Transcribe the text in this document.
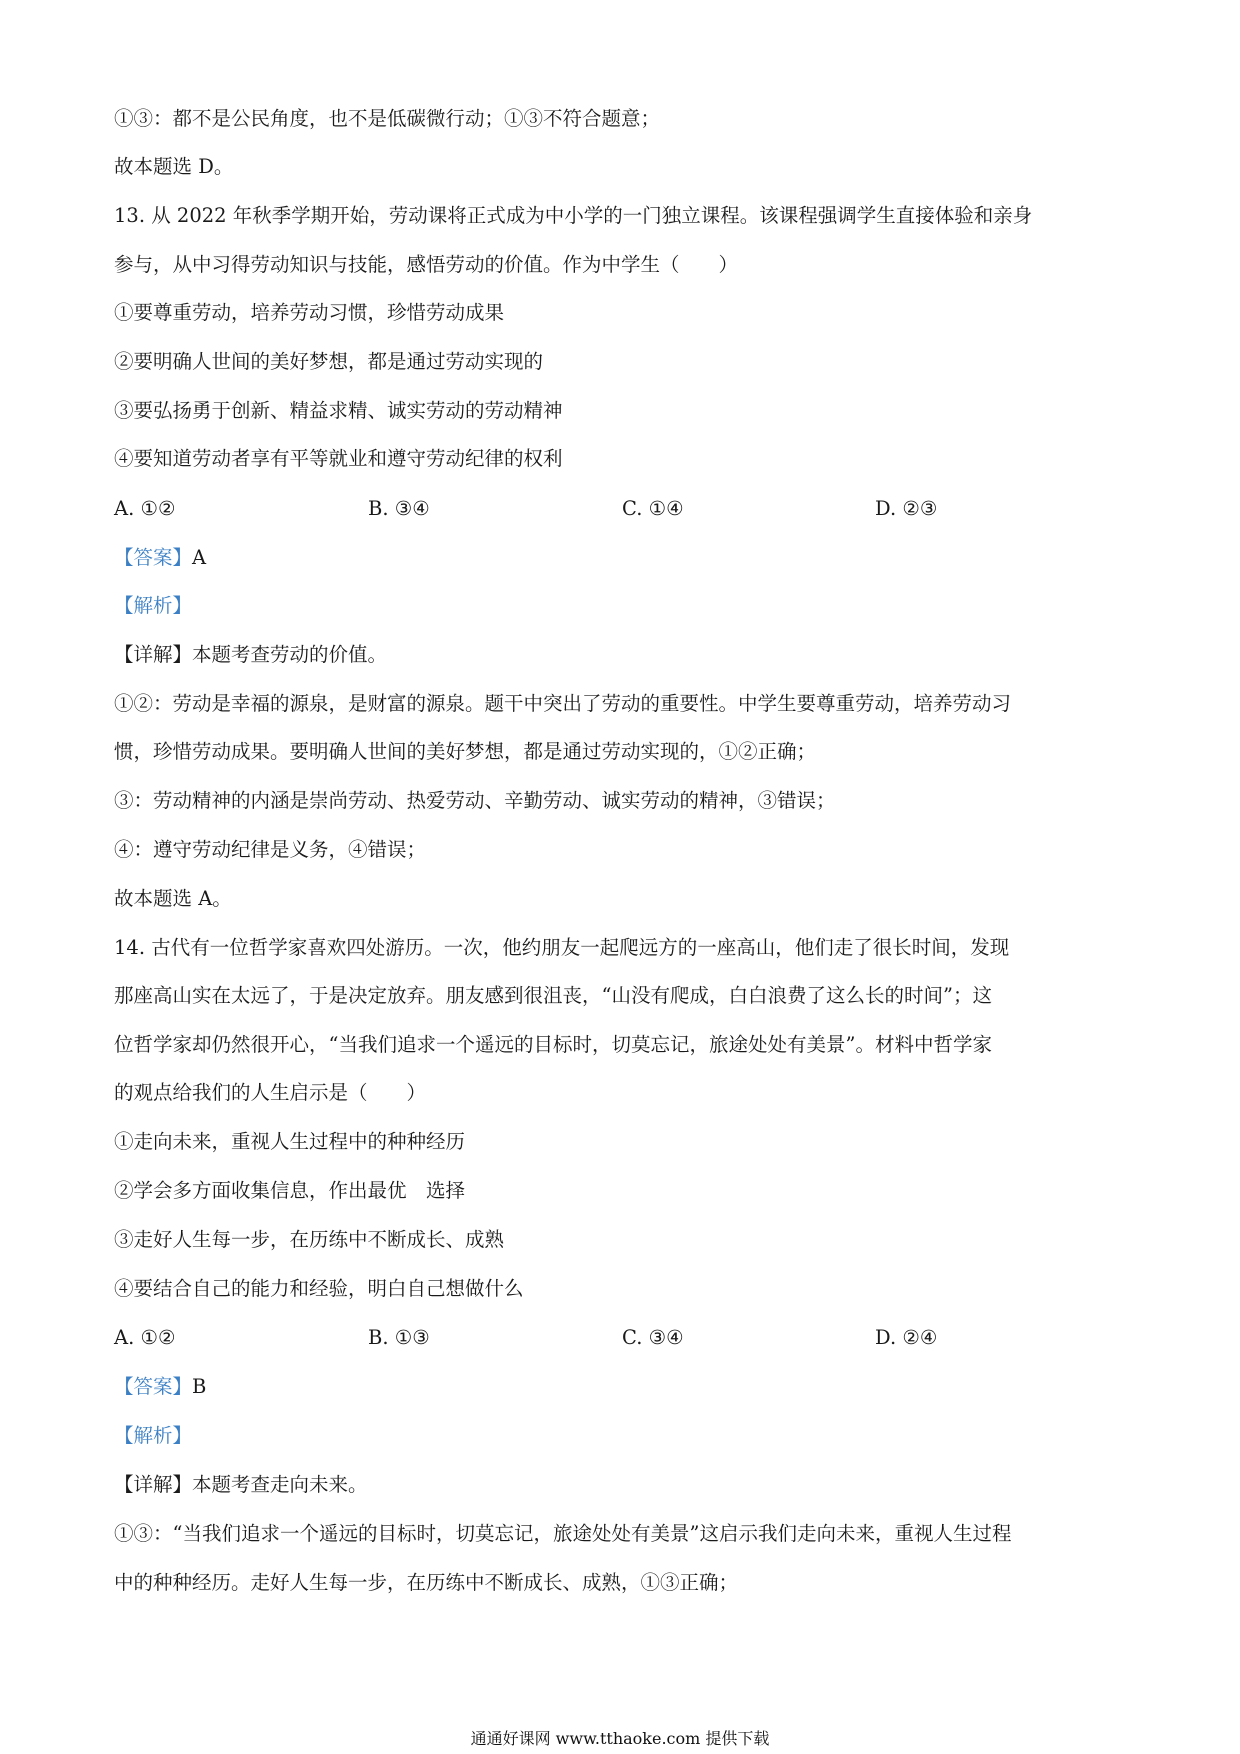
①③：都不是公民角度，也不是低碳微行动；①③不符合题意；
故本题选 D。
13. 从 2022 年秋季学期开始，劳动课将正式成为中小学的一门独立课程。该课程强调学生直接体验和亲身
参与，从中习得劳动知识与技能，感悟劳动的价值。作为中学生（　　）
①要尊重劳动，培养劳动习惯，珍惜劳动成果
②要明确人世间的美好梦想，都是通过劳动实现的
③要弘扬勇于创新、精益求精、诚实劳动的劳动精神
④要知道劳动者享有平等就业和遵守劳动纪律的权利
A. ①②	B. ③④	C. ①④	D. ②③
【答案】A
【解析】
【详解】本题考查劳动的价值。
①②：劳动是幸福的源泉，是财富的源泉。题干中突出了劳动的重要性。中学生要尊重劳动，培养劳动习
惯，珍惜劳动成果。要明确人世间的美好梦想，都是通过劳动实现的，①②正确；
③：劳动精神的内涵是崇尚劳动、热爱劳动、辛勤劳动、诚实劳动的精神，③错误；
④：遵守劳动纪律是义务，④错误；
故本题选 A。
14. 古代有一位哲学家喜欢四处游历。一次，他约朋友一起爬远方的一座高山，他们走了很长时间，发现
那座高山实在太远了，于是决定放弃。朋友感到很沮丧，“山没有爬成，白白浪费了这么长的时间”；这
位哲学家却仍然很开心，“当我们追求一个遥远的目标时，切莫忘记，旅途处处有美景”。材料中哲学家
的观点给我们的人生启示是（　　）
①走向未来，重视人生过程中的种种经历
②学会多方面收集信息，作出最优　选择
③走好人生每一步，在历练中不断成长、成熟
④要结合自己的能力和经验，明白自己想做什么
A. ①②	B. ①③	C. ③④	D. ②④
【答案】B
【解析】
【详解】本题考查走向未来。
①③：“当我们追求一个遥远的目标时，切莫忘记，旅途处处有美景”这启示我们走向未来，重视人生过程
中的种种经历。走好人生每一步，在历练中不断成长、成熟，①③正确；
通通好课网 www.tthaoke.com 提供下载
